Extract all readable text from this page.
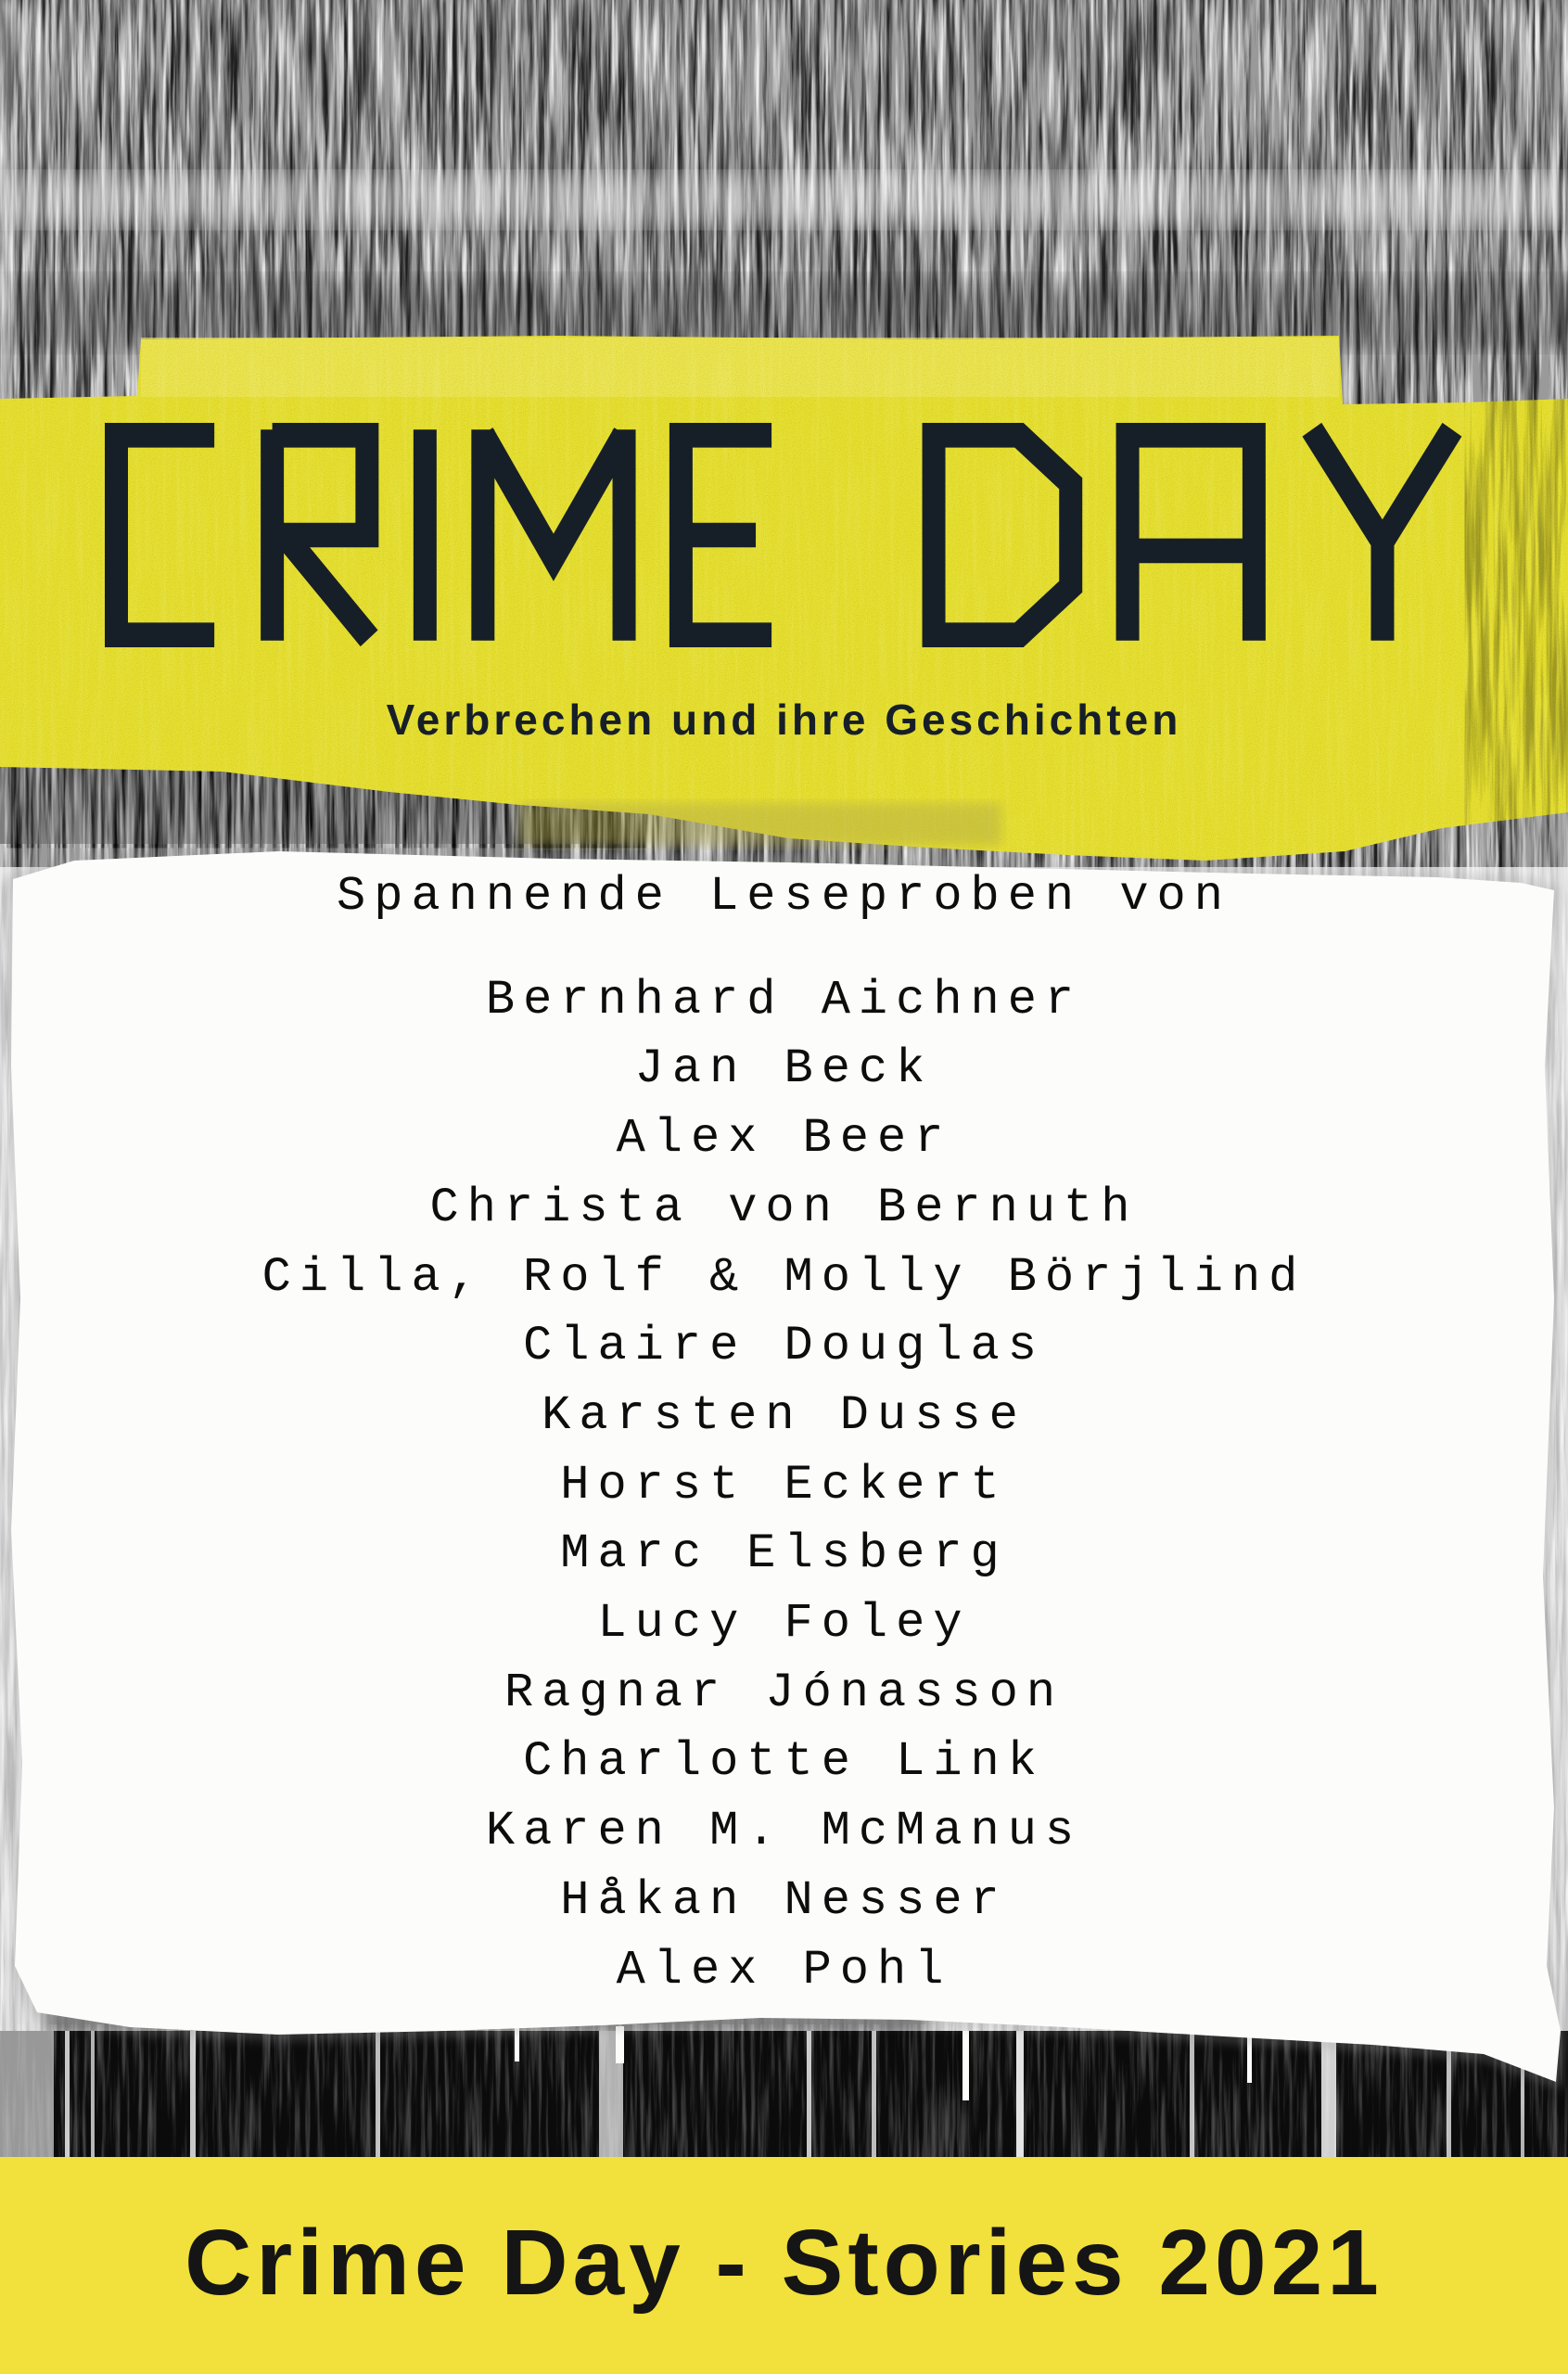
Verbrechen und ihre Geschichten
Spannende Leseproben von
Bernhard Aichner
Jan Beck
Alex Beer
Christa von Bernuth
Cilla, Rolf & Molly Börjlind
Claire Douglas
Karsten Dusse
Horst Eckert
Marc Elsberg
Lucy Foley
Ragnar Jónasson
Charlotte Link
Karen M. McManus
Håkan Nesser
Alex Pohl
Crime Day - Stories 2021
